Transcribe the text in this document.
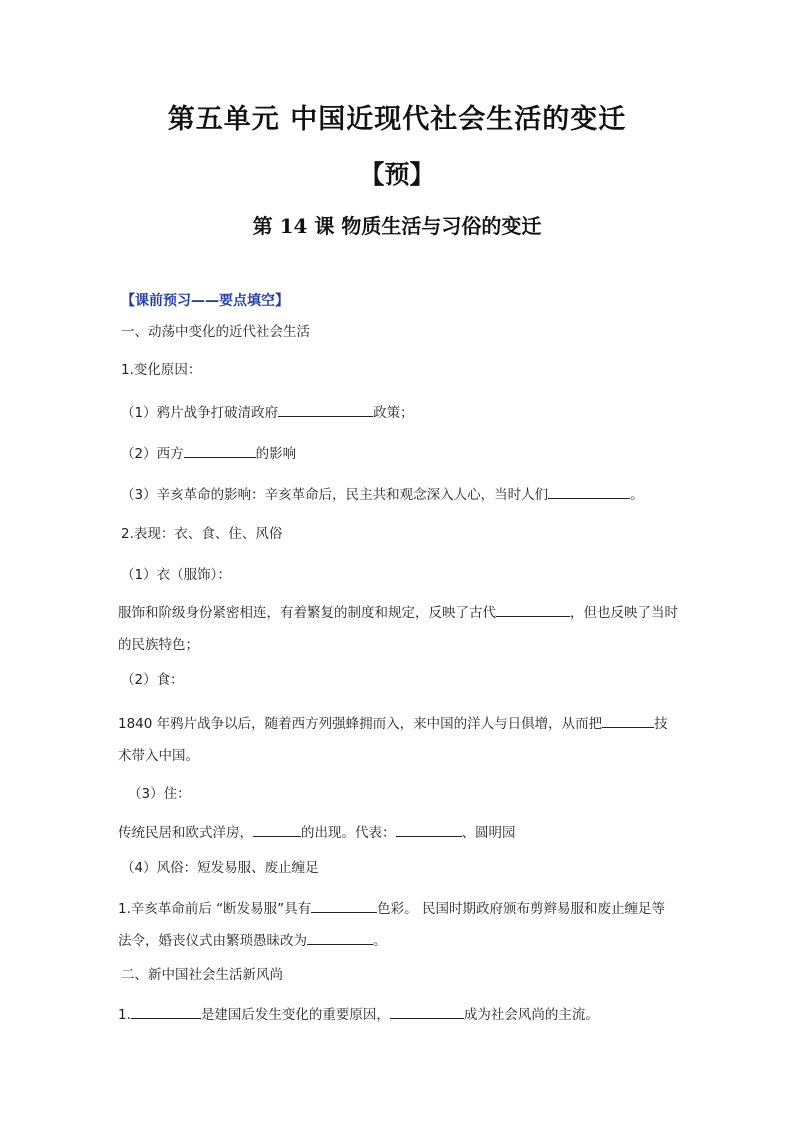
第五单元 中国近现代社会生活的变迁
【预】
第 14 课 物质生活与习俗的变迁
【课前预习——要点填空】
一、动荡中变化的近代社会生活
1.变化原因：
（1）鸦片战争打破清政府	政策；
（2）西方	的影响
（3）辛亥革命的影响：辛亥革命后，民主共和观念深入人心，当时人们	。
2.表现：衣、食、住、风俗
（1）衣（服饰）：
服饰和阶级身份紧密相连，有着繁复的制度和规定，反映了古代	，但也反映了当时的民族特色；
（2）食：
1840 年鸦片战争以后，随着西方列强蜂拥而入，来中国的洋人与日俱增，从而把	技术带入中国。
（3）住：
传统民居和欧式洋房，	的出现。代表：	、圆明园
（4）风俗：短发易服、废止缠足
1.辛亥革命前后 “断发易服”具有	色彩。 民国时期政府颁布剪辫易服和废止缠足等法令，婚丧仪式由繁琐愚昧改为	。
二、新中国社会生活新风尚
1.	是建国后发生变化的重要原因，	成为社会风尚的主流。
